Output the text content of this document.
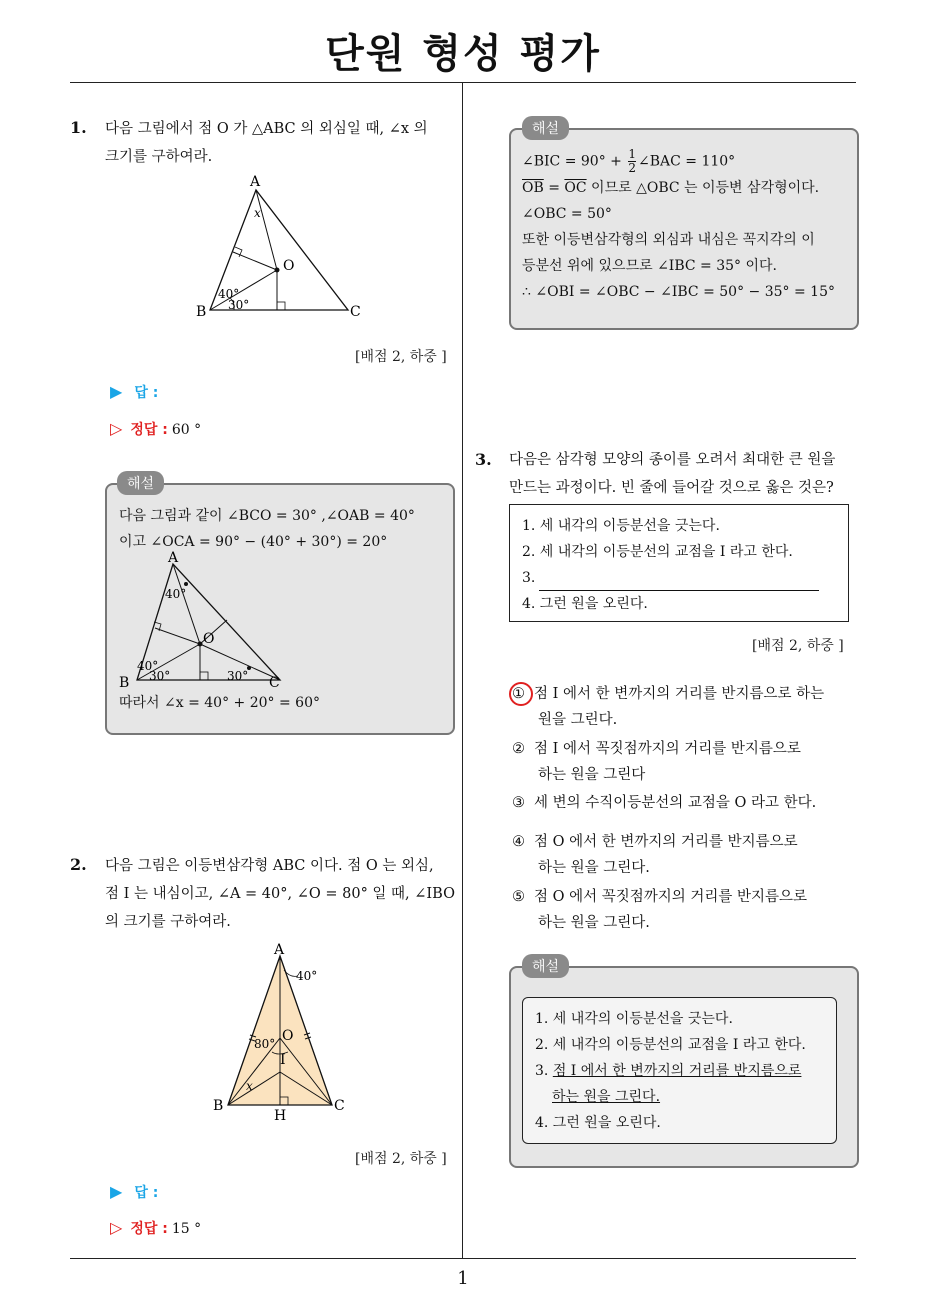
단원 형성 평가
1
1. 다음 그림에서 점 O 가 △ABC 의 외심일 때, ∠x 의
크기를 구하여라.
A
B	C
O
x
40°
30°
[배점 2, 하중 ]
▶ 답 :
▷ 정답 : 60 °
해설
다음 그림과 같이 ∠BCO = 30° ,∠OAB = 40°
이고 ∠OCA = 90° − (40° + 30°) = 20°
A
B	C
O
40°
40°
30°	30°
따라서 ∠x = 40° + 20° = 60°
2. 다음 그림은 이등변삼각형 ABC 이다. 점 O 는 외심,
점 I 는 내심이고, ∠A = 40°, ∠O = 80° 일 때, ∠IBO
의 크기를 구하여라.
A
B	C
H
O
I
x
40°
80°
[배점 2, 하중 ]
▶ 답 :
▷ 정답 : 15 °
해설
∠BIC = $90^\circ + \frac{1}{2}$ ∠BAC = 110°
$\overline{OB} = \overline{OC}$ 이므로 △OBC 는 이등변 삼각형이다.
∠OBC = 50°
또한 이등변삼각형의 외심과 내심은 꼭지각의 이
등분선 위에 있으므로 ∠IBC = 35° 이다.
∴ ∠OBI = ∠OBC − ∠IBC = 50° − 35° = 15°
3. 다음은 삼각형 모양의 종이를 오려서 최대한 큰 원을
만드는 과정이다. 빈 줄에 들어갈 것으로 옳은 것은?
1. 세 내각의 이등분선을 긋는다.
2. 세 내각의 이등분선의 교점을 I 라고 한다.
3.
4. 그런 원을 오린다.
[배점 2, 하중 ]
① 점 I 에서 한 변까지의 거리를 반지름으로 하는
원을 그린다.
② 점 I 에서 꼭짓점까지의 거리를 반지름으로
하는 원을 그린다
③ 세 변의 수직이등분선의 교점을 O 라고 한다.
④ 점 O 에서 한 변까지의 거리를 반지름으로
하는 원을 그린다.
⑤ 점 O 에서 꼭짓점까지의 거리를 반지름으로
하는 원을 그린다.
해설
1. 세 내각의 이등분선을 긋는다.
2. 세 내각의 이등분선의 교점을 I 라고 한다.
3. 점 I 에서 한 변까지의 거리를 반지름으로
하는 원을 그린다.
4. 그런 원을 오린다.
